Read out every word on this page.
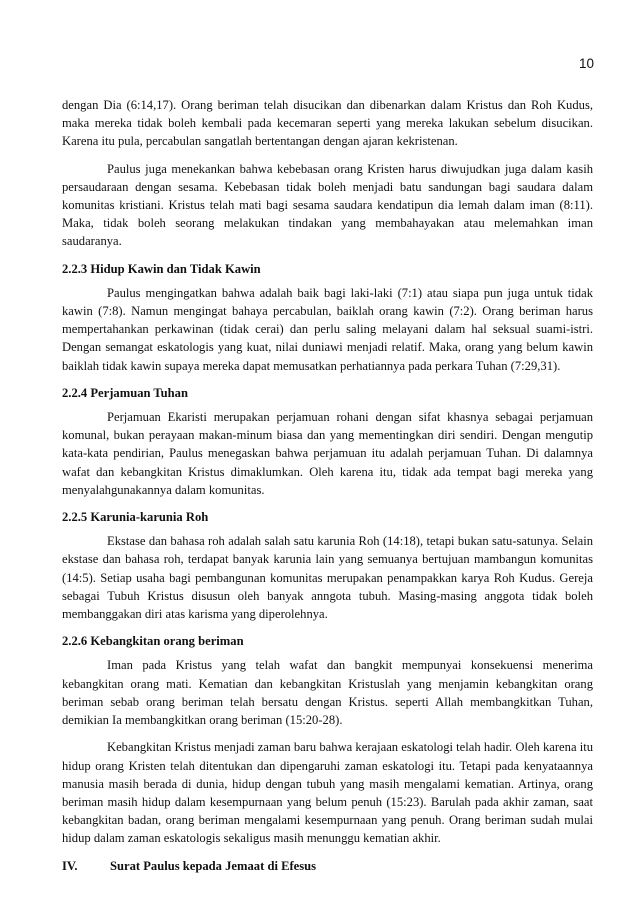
10

dengan Dia (6:14,17). Orang beriman telah disucikan dan dibenarkan dalam Kristus dan Roh Kudus, maka mereka tidak boleh kembali pada kecemaran seperti yang mereka lakukan sebelum disucikan. Karena itu pula, percabulan sangatlah bertentangan dengan ajaran kekristenan.

Paulus juga menekankan bahwa kebebasan orang Kristen harus diwujudkan juga dalam kasih persaudaraan dengan sesama. Kebebasan tidak boleh menjadi batu sandungan bagi saudara dalam komunitas kristiani. Kristus telah mati bagi sesama saudara kendatipun dia lemah dalam iman (8:11). Maka, tidak boleh seorang melakukan tindakan yang membahayakan atau melemahkan iman saudaranya.

2.2.3 Hidup Kawin dan Tidak Kawin

Paulus mengingatkan bahwa adalah baik bagi laki-laki (7:1) atau siapa pun juga untuk tidak kawin (7:8). Namun mengingat bahaya percabulan, baiklah orang kawin (7:2). Orang beriman harus mempertahankan perkawinan (tidak cerai) dan perlu saling melayani dalam hal seksual suami-istri. Dengan semangat eskatologis yang kuat, nilai duniawi menjadi relatif. Maka, orang yang belum kawin baiklah tidak kawin supaya mereka dapat memusatkan perhatiannya pada perkara Tuhan (7:29,31).

2.2.4 Perjamuan Tuhan

Perjamuan Ekaristi merupakan perjamuan rohani dengan sifat khasnya sebagai perjamuan komunal, bukan perayaan makan-minum biasa dan yang mementingkan diri sendiri. Dengan mengutip kata-kata pendirian, Paulus menegaskan bahwa perjamuan itu adalah perjamuan Tuhan. Di dalamnya wafat dan kebangkitan Kristus dimaklumkan. Oleh karena itu, tidak ada tempat bagi mereka yang menyalahgunakannya dalam komunitas.

2.2.5 Karunia-karunia Roh

Ekstase dan bahasa roh adalah salah satu karunia Roh (14:18), tetapi bukan satu-satunya. Selain ekstase dan bahasa roh, terdapat banyak karunia lain yang semuanya bertujuan mambangun komunitas (14:5). Setiap usaha bagi pembangunan komunitas merupakan penampakkan karya Roh Kudus. Gereja sebagai Tubuh Kristus disusun oleh banyak anngota tubuh. Masing-masing anggota tidak boleh membanggakan diri atas karisma yang diperolehnya.

2.2.6 Kebangkitan orang beriman

Iman pada Kristus yang telah wafat dan bangkit mempunyai konsekuensi menerima kebangkitan orang mati. Kematian dan kebangkitan Kristuslah yang menjamin kebangkitan orang beriman sebab orang beriman telah bersatu dengan Kristus. seperti Allah membangkitkan Tuhan, demikian Ia membangkitkan orang beriman (15:20-28).

Kebangkitan Kristus menjadi zaman baru bahwa kerajaan eskatologi telah hadir. Oleh karena itu hidup orang Kristen telah ditentukan dan dipengaruhi zaman eskatologi itu. Tetapi pada kenyataannya manusia masih berada di dunia, hidup dengan tubuh yang masih mengalami kematian. Artinya, orang beriman masih hidup dalam kesempurnaan yang belum penuh (15:23). Barulah pada akhir zaman, saat kebangkitan badan, orang beriman mengalami kesempurnaan yang penuh. Orang beriman sudah mulai hidup dalam zaman eskatologis sekaligus masih menunggu kematian akhir.

IV.	Surat Paulus kepada Jemaat di Efesus
